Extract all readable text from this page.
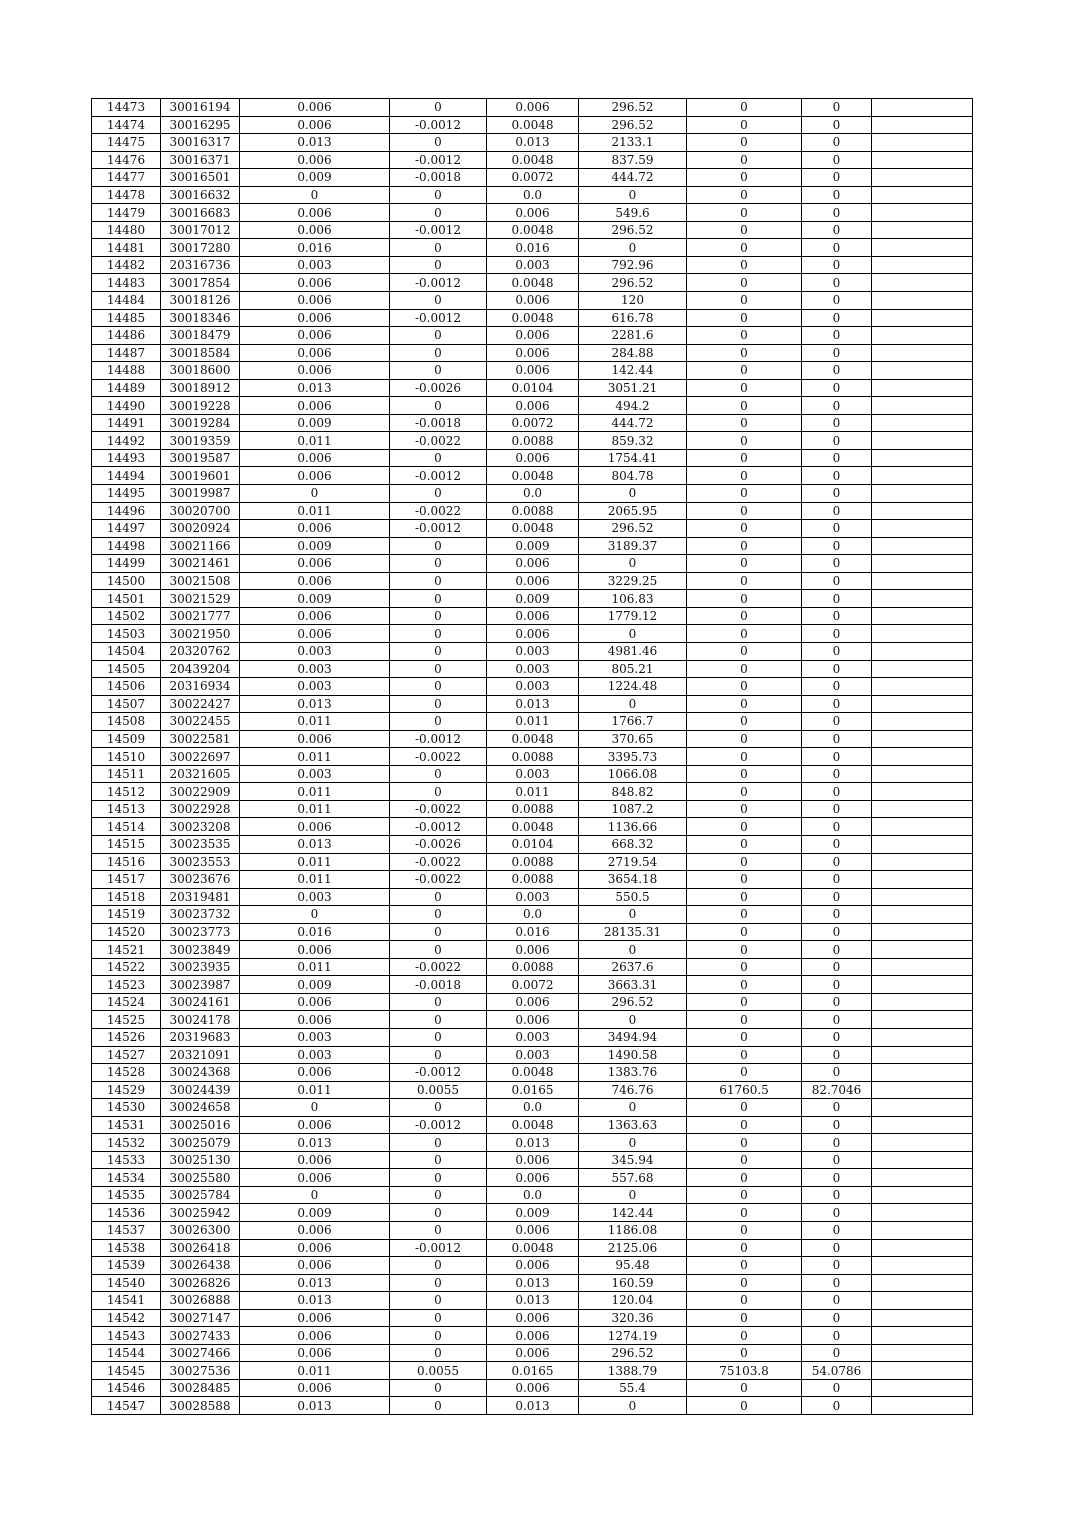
14473	30016194	0.006	0	0.006	296.52	0	0	
14474	30016295	0.006	-0.0012	0.0048	296.52	0	0	
14475	30016317	0.013	0	0.013	2133.1	0	0	
14476	30016371	0.006	-0.0012	0.0048	837.59	0	0	
14477	30016501	0.009	-0.0018	0.0072	444.72	0	0	
14478	30016632	0	0	0.0	0	0	0	
14479	30016683	0.006	0	0.006	549.6	0	0	
14480	30017012	0.006	-0.0012	0.0048	296.52	0	0	
14481	30017280	0.016	0	0.016	0	0	0	
14482	20316736	0.003	0	0.003	792.96	0	0	
14483	30017854	0.006	-0.0012	0.0048	296.52	0	0	
14484	30018126	0.006	0	0.006	120	0	0	
14485	30018346	0.006	-0.0012	0.0048	616.78	0	0	
14486	30018479	0.006	0	0.006	2281.6	0	0	
14487	30018584	0.006	0	0.006	284.88	0	0	
14488	30018600	0.006	0	0.006	142.44	0	0	
14489	30018912	0.013	-0.0026	0.0104	3051.21	0	0	
14490	30019228	0.006	0	0.006	494.2	0	0	
14491	30019284	0.009	-0.0018	0.0072	444.72	0	0	
14492	30019359	0.011	-0.0022	0.0088	859.32	0	0	
14493	30019587	0.006	0	0.006	1754.41	0	0	
14494	30019601	0.006	-0.0012	0.0048	804.78	0	0	
14495	30019987	0	0	0.0	0	0	0	
14496	30020700	0.011	-0.0022	0.0088	2065.95	0	0	
14497	30020924	0.006	-0.0012	0.0048	296.52	0	0	
14498	30021166	0.009	0	0.009	3189.37	0	0	
14499	30021461	0.006	0	0.006	0	0	0	
14500	30021508	0.006	0	0.006	3229.25	0	0	
14501	30021529	0.009	0	0.009	106.83	0	0	
14502	30021777	0.006	0	0.006	1779.12	0	0	
14503	30021950	0.006	0	0.006	0	0	0	
14504	20320762	0.003	0	0.003	4981.46	0	0	
14505	20439204	0.003	0	0.003	805.21	0	0	
14506	20316934	0.003	0	0.003	1224.48	0	0	
14507	30022427	0.013	0	0.013	0	0	0	
14508	30022455	0.011	0	0.011	1766.7	0	0	
14509	30022581	0.006	-0.0012	0.0048	370.65	0	0	
14510	30022697	0.011	-0.0022	0.0088	3395.73	0	0	
14511	20321605	0.003	0	0.003	1066.08	0	0	
14512	30022909	0.011	0	0.011	848.82	0	0	
14513	30022928	0.011	-0.0022	0.0088	1087.2	0	0	
14514	30023208	0.006	-0.0012	0.0048	1136.66	0	0	
14515	30023535	0.013	-0.0026	0.0104	668.32	0	0	
14516	30023553	0.011	-0.0022	0.0088	2719.54	0	0	
14517	30023676	0.011	-0.0022	0.0088	3654.18	0	0	
14518	20319481	0.003	0	0.003	550.5	0	0	
14519	30023732	0	0	0.0	0	0	0	
14520	30023773	0.016	0	0.016	28135.31	0	0	
14521	30023849	0.006	0	0.006	0	0	0	
14522	30023935	0.011	-0.0022	0.0088	2637.6	0	0	
14523	30023987	0.009	-0.0018	0.0072	3663.31	0	0	
14524	30024161	0.006	0	0.006	296.52	0	0	
14525	30024178	0.006	0	0.006	0	0	0	
14526	20319683	0.003	0	0.003	3494.94	0	0	
14527	20321091	0.003	0	0.003	1490.58	0	0	
14528	30024368	0.006	-0.0012	0.0048	1383.76	0	0	
14529	30024439	0.011	0.0055	0.0165	746.76	61760.5	82.7046	
14530	30024658	0	0	0.0	0	0	0	
14531	30025016	0.006	-0.0012	0.0048	1363.63	0	0	
14532	30025079	0.013	0	0.013	0	0	0	
14533	30025130	0.006	0	0.006	345.94	0	0	
14534	30025580	0.006	0	0.006	557.68	0	0	
14535	30025784	0	0	0.0	0	0	0	
14536	30025942	0.009	0	0.009	142.44	0	0	
14537	30026300	0.006	0	0.006	1186.08	0	0	
14538	30026418	0.006	-0.0012	0.0048	2125.06	0	0	
14539	30026438	0.006	0	0.006	95.48	0	0	
14540	30026826	0.013	0	0.013	160.59	0	0	
14541	30026888	0.013	0	0.013	120.04	0	0	
14542	30027147	0.006	0	0.006	320.36	0	0	
14543	30027433	0.006	0	0.006	1274.19	0	0	
14544	30027466	0.006	0	0.006	296.52	0	0	
14545	30027536	0.011	0.0055	0.0165	1388.79	75103.8	54.0786	
14546	30028485	0.006	0	0.006	55.4	0	0	
14547	30028588	0.013	0	0.013	0	0	0	
